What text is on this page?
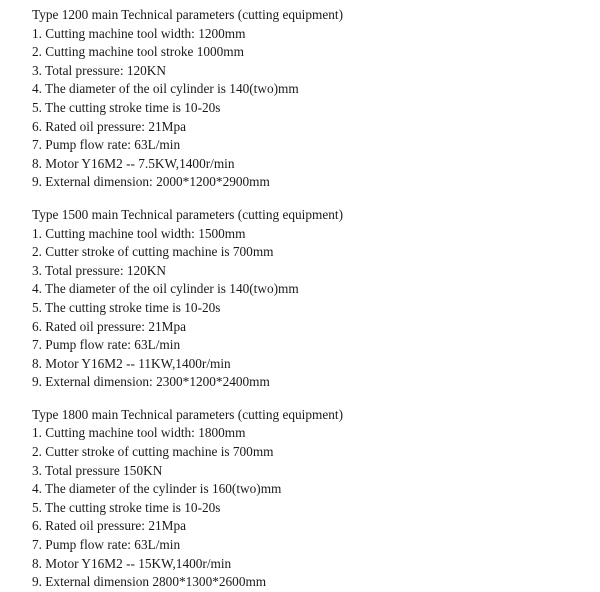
Type 1200 main Technical parameters (cutting equipment)
1. Cutting machine tool width: 1200mm
2. Cutting machine tool stroke 1000mm
3. Total pressure: 120KN
4. The diameter of the oil cylinder is 140(two)mm
5. The cutting stroke time is 10-20s
6. Rated oil pressure: 21Mpa
7. Pump flow rate: 63L/min
8. Motor Y16M2 -- 7.5KW,1400r/min
9. External dimension: 2000*1200*2900mm
Type 1500 main Technical parameters (cutting equipment)
1. Cutting machine tool width: 1500mm
2. Cutter stroke of cutting machine is 700mm
3. Total pressure: 120KN
4. The diameter of the oil cylinder is 140(two)mm
5. The cutting stroke time is 10-20s
6. Rated oil pressure: 21Mpa
7. Pump flow rate: 63L/min
8. Motor Y16M2 -- 11KW,1400r/min
9. External dimension: 2300*1200*2400mm
Type 1800 main Technical parameters (cutting equipment)
1. Cutting machine tool width: 1800mm
2. Cutter stroke of cutting machine is 700mm
3. Total pressure 150KN
4. The diameter of the cylinder is 160(two)mm
5. The cutting stroke time is 10-20s
6. Rated oil pressure: 21Mpa
7. Pump flow rate: 63L/min
8. Motor Y16M2 -- 15KW,1400r/min
9. External dimension 2800*1300*2600mm
